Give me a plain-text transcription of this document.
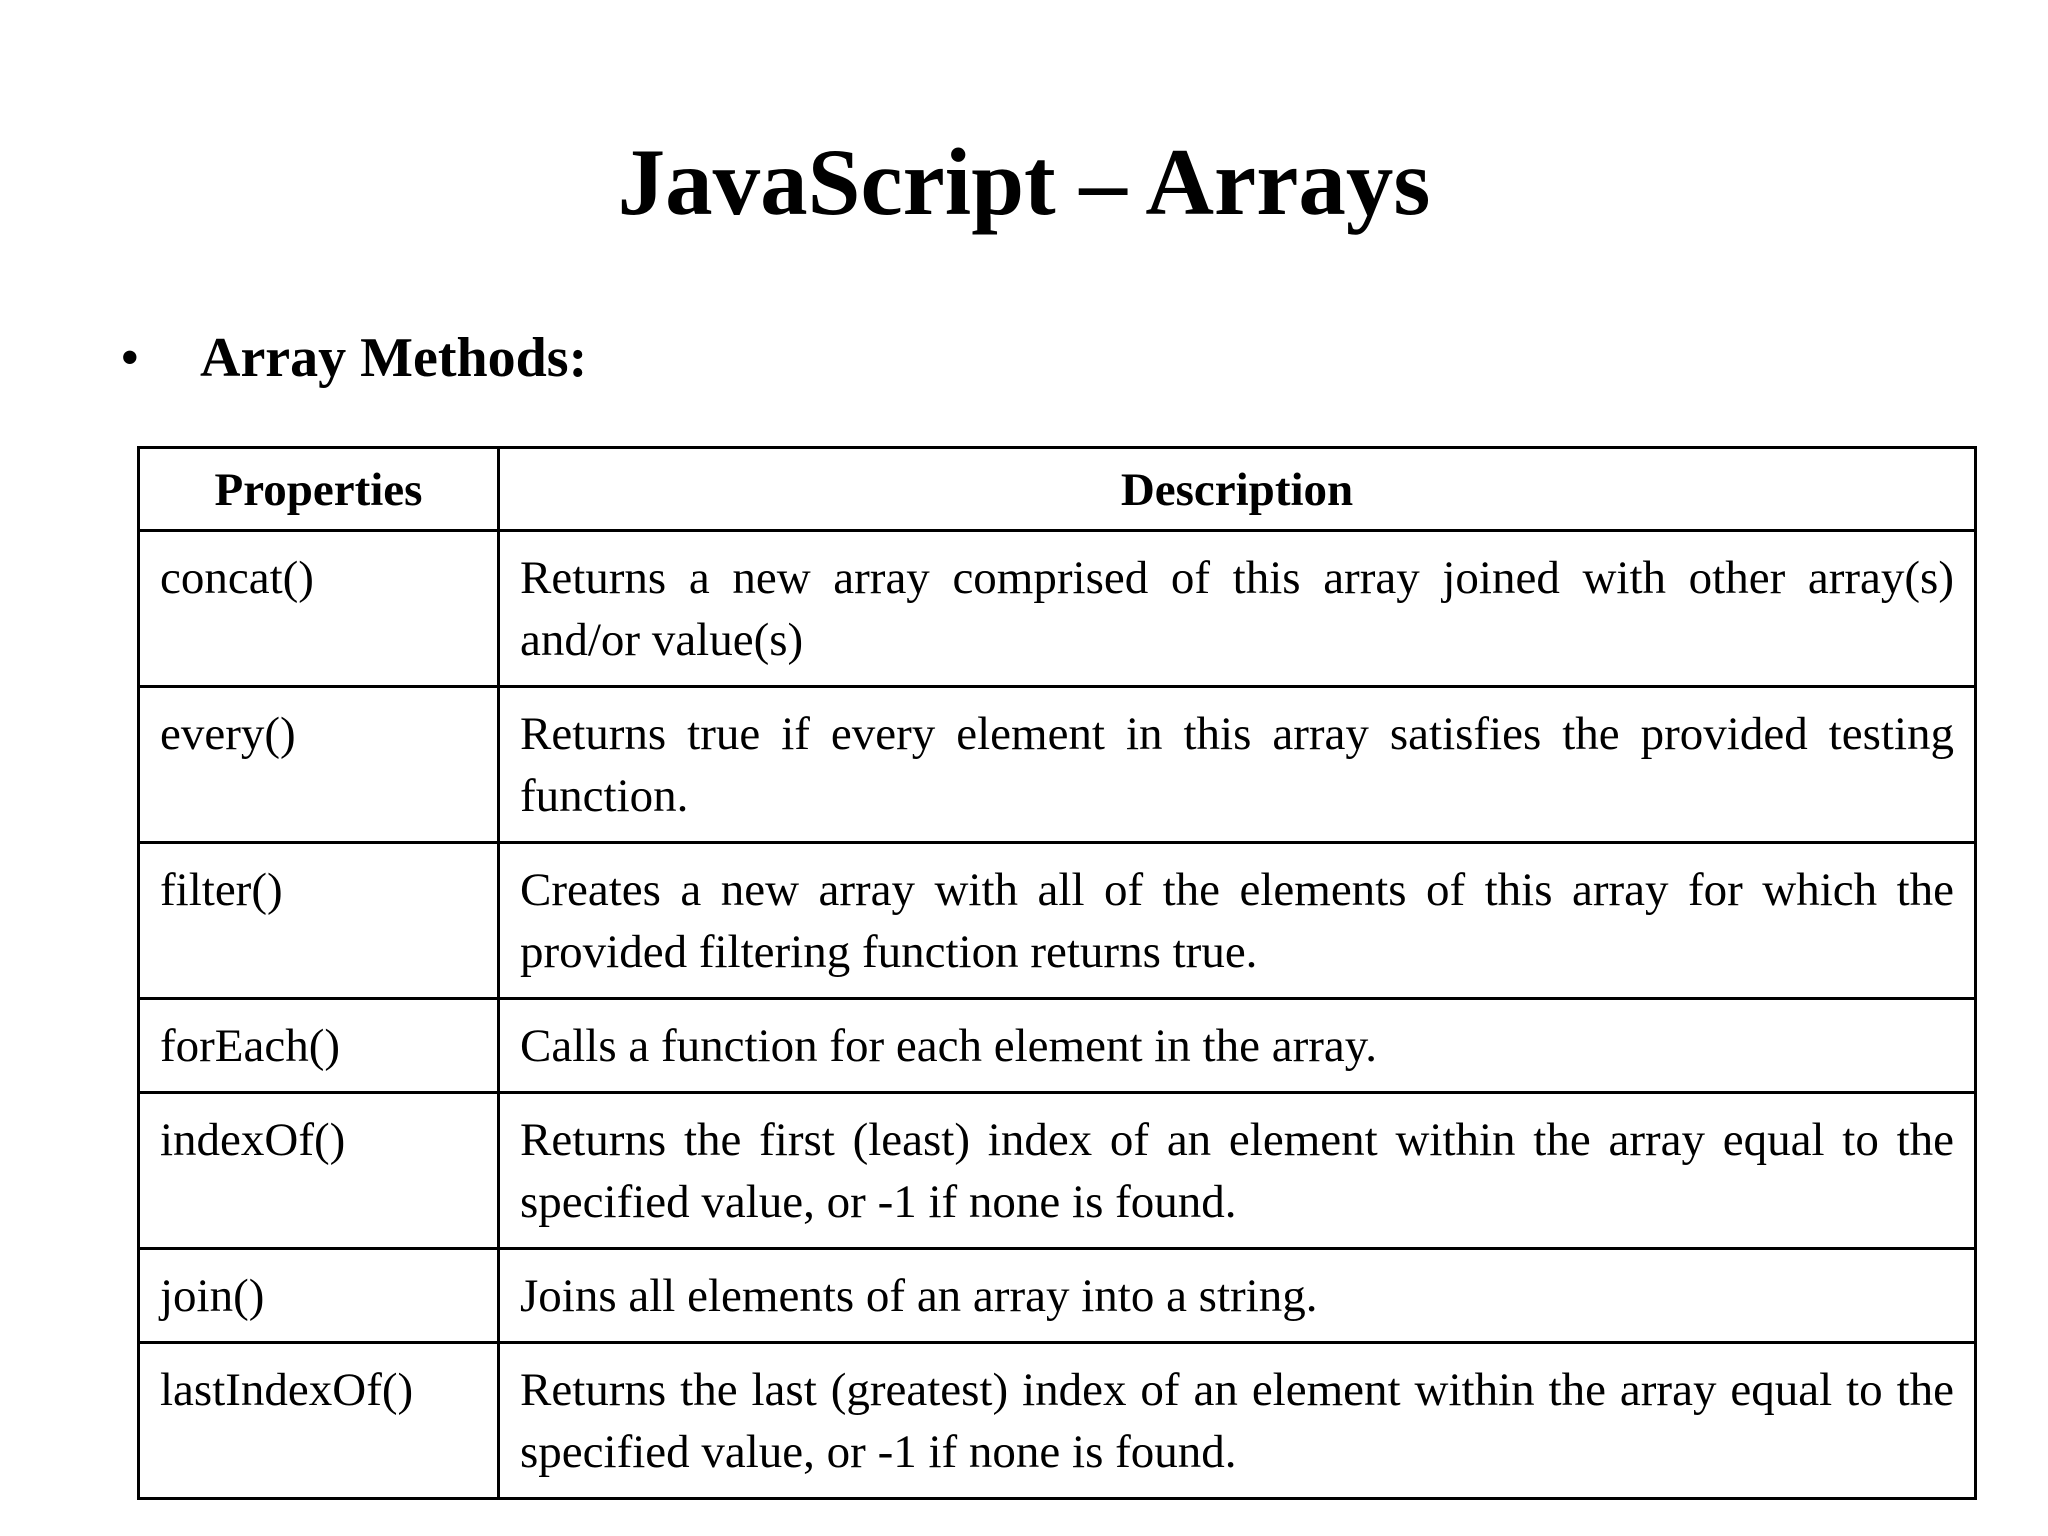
JavaScript – Arrays
• Array Methods:
Properties	Description
concat()	Returns a new array comprised of this array joined with other array(s) and/or value(s)
every()	Returns true if every element in this array satisfies the provided testing function.
filter()	Creates a new array with all of the elements of this array for which the provided filtering function returns true.
forEach()	Calls a function for each element in the array.
indexOf()	Returns the first (least) index of an element within the array equal to the specified value, or -1 if none is found.
join()	Joins all elements of an array into a string.
lastIndexOf()	Returns the last (greatest) index of an element within the array equal to the specified value, or -1 if none is found.
